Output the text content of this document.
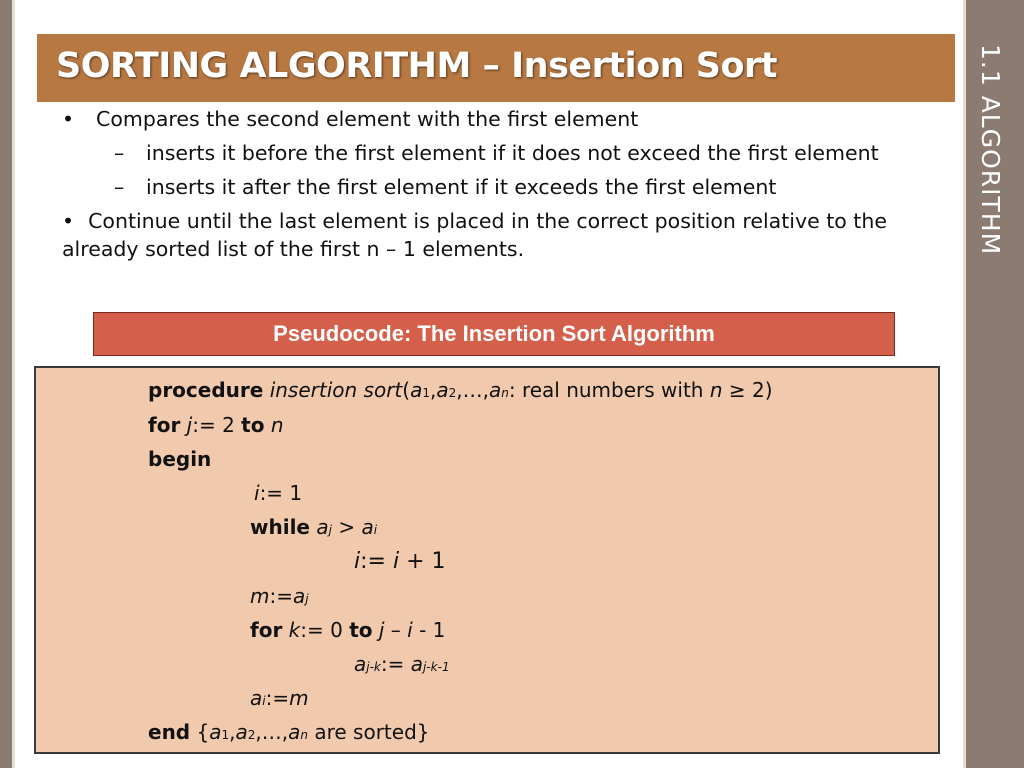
1.1 ALGORITHM
SORTING ALGORITHM – Insertion Sort
• Compares the second element with the first element
– inserts it before the first element if it does not exceed the first element
– inserts it after the first element if it exceeds the first element
• Continue until the last element is placed in the correct position relative to the already sorted list of the first n – 1 elements.
Pseudocode: The Insertion Sort Algorithm
procedure insertion sort(a1,a2,…,an: real numbers with n ≥ 2)
for j:= 2 to n
begin
i:= 1
while aj > ai
i:= i + 1
m:=aj
for k:= 0 to j – i - 1
aj-k:= aj-k-1
ai:=m
end {a1,a2,…,an are sorted}
